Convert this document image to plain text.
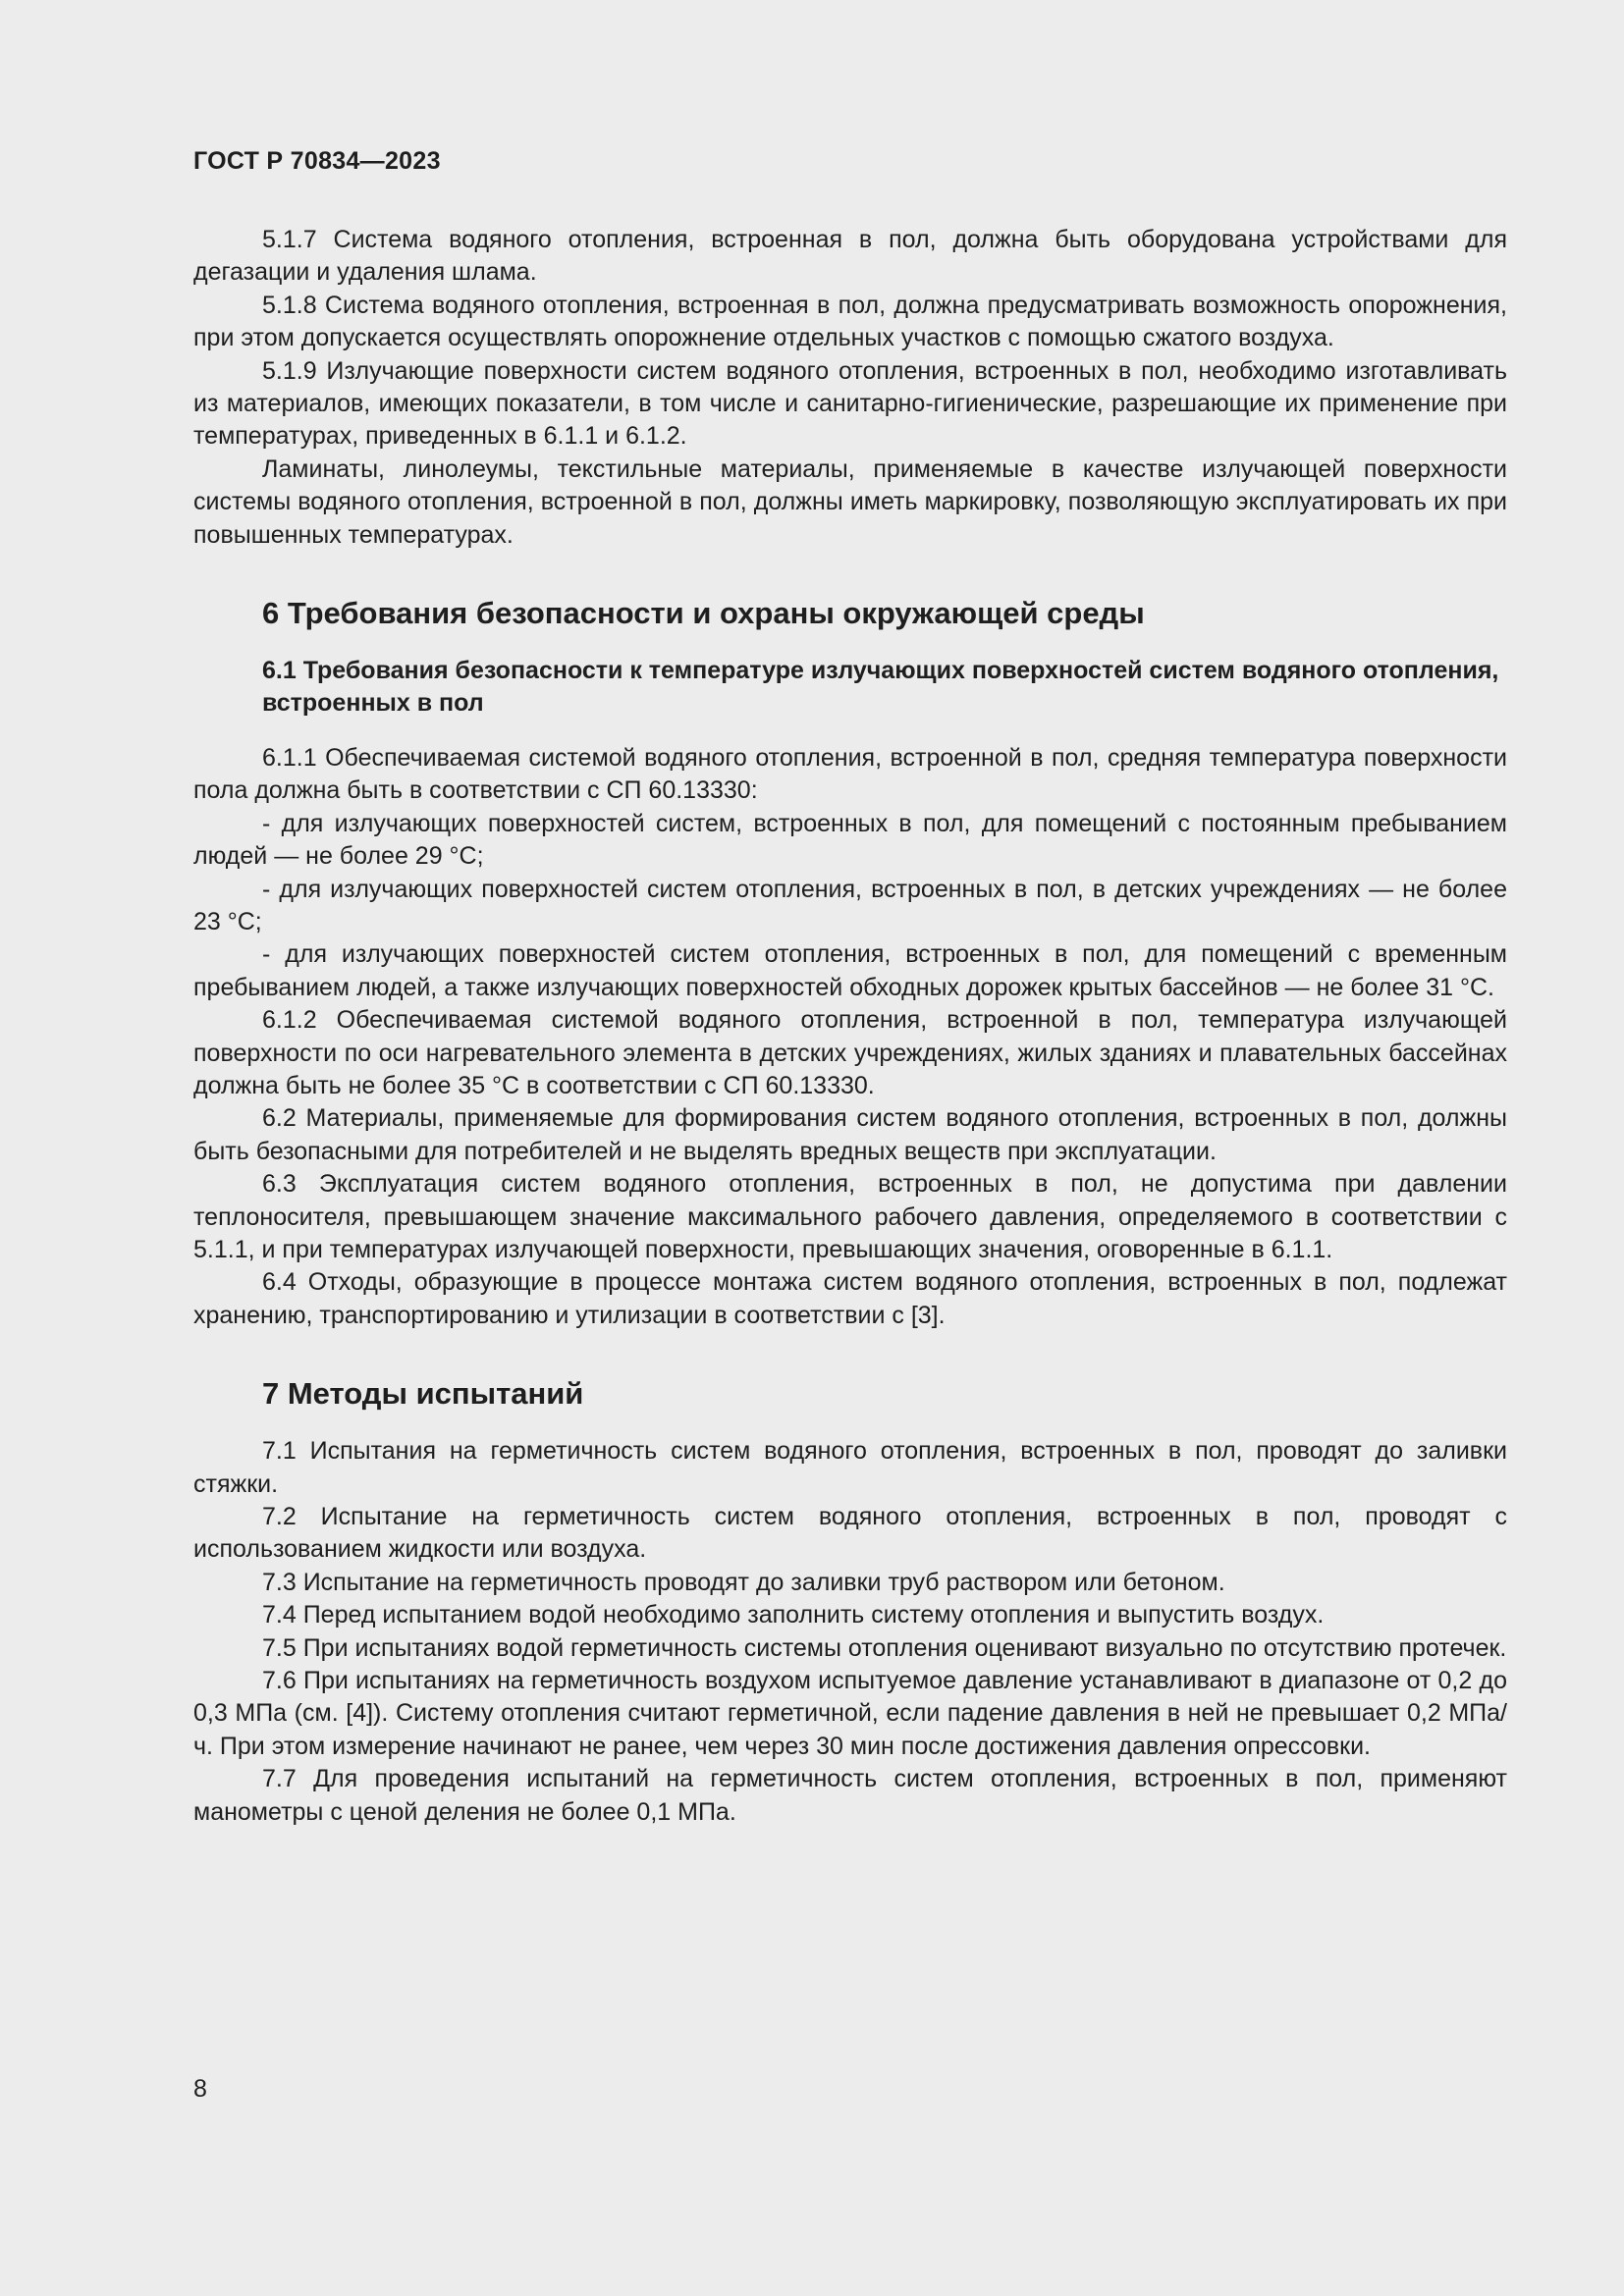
ГОСТ Р 70834—2023

5.1.7 Система водяного отопления, встроенная в пол, должна быть оборудована устройствами для дегазации и удаления шлама.

5.1.8 Система водяного отопления, встроенная в пол, должна предусматривать возможность опорожнения, при этом допускается осуществлять опорожнение отдельных участков с помощью сжатого воздуха.

5.1.9 Излучающие поверхности систем водяного отопления, встроенных в пол, необходимо изготавливать из материалов, имеющих показатели, в том числе и санитарно-гигиенические, разрешающие их применение при температурах, приведенных в 6.1.1 и 6.1.2.

Ламинаты, линолеумы, текстильные материалы, применяемые в качестве излучающей поверхности системы водяного отопления, встроенной в пол, должны иметь маркировку, позволяющую эксплуатировать их при повышенных температурах.

6 Требования безопасности и охраны окружающей среды
6.1 Требования безопасности к температуре излучающих поверхностей систем водяного отопления, встроенных в пол

6.1.1 Обеспечиваемая системой водяного отопления, встроенной в пол, средняя температура поверхности пола должна быть в соответствии с СП 60.13330:

- для излучающих поверхностей систем, встроенных в пол, для помещений с постоянным пребыванием людей — не более 29 °С;

- для излучающих поверхностей систем отопления, встроенных в пол, в детских учреждениях — не более 23 °С;

- для излучающих поверхностей систем отопления, встроенных в пол, для помещений с временным пребыванием людей, а также излучающих поверхностей обходных дорожек крытых бассейнов — не более 31 °С.

6.1.2 Обеспечиваемая системой водяного отопления, встроенной в пол, температура излучающей поверхности по оси нагревательного элемента в детских учреждениях, жилых зданиях и плавательных бассейнах должна быть не более 35 °С в соответствии с СП 60.13330.

6.2 Материалы, применяемые для формирования систем водяного отопления, встроенных в пол, должны быть безопасными для потребителей и не выделять вредных веществ при эксплуатации.

6.3 Эксплуатация систем водяного отопления, встроенных в пол, не допустима при давлении теплоносителя, превышающем значение максимального рабочего давления, определяемого в соответствии с 5.1.1, и при температурах излучающей поверхности, превышающих значения, оговоренные в 6.1.1.

6.4 Отходы, образующие в процессе монтажа систем водяного отопления, встроенных в пол, подлежат хранению, транспортированию и утилизации в соответствии с [3].

7 Методы испытаний

7.1 Испытания на герметичность систем водяного отопления, встроенных в пол, проводят до заливки стяжки.

7.2 Испытание на герметичность систем водяного отопления, встроенных в пол, проводят с использованием жидкости или воздуха.

7.3 Испытание на герметичность проводят до заливки труб раствором или бетоном.

7.4 Перед испытанием водой необходимо заполнить систему отопления и выпустить воздух.

7.5 При испытаниях водой герметичность системы отопления оценивают визуально по отсутствию протечек.

7.6 При испытаниях на герметичность воздухом испытуемое давление устанавливают в диапазоне от 0,2 до 0,3 МПа (см. [4]). Систему отопления считают герметичной, если падение давления в ней не превышает 0,2 МПа/ч. При этом измерение начинают не ранее, чем через 30 мин после достижения давления опрессовки.

7.7 Для проведения испытаний на герметичность систем отопления, встроенных в пол, применяют манометры с ценой деления не более 0,1 МПа.

8
